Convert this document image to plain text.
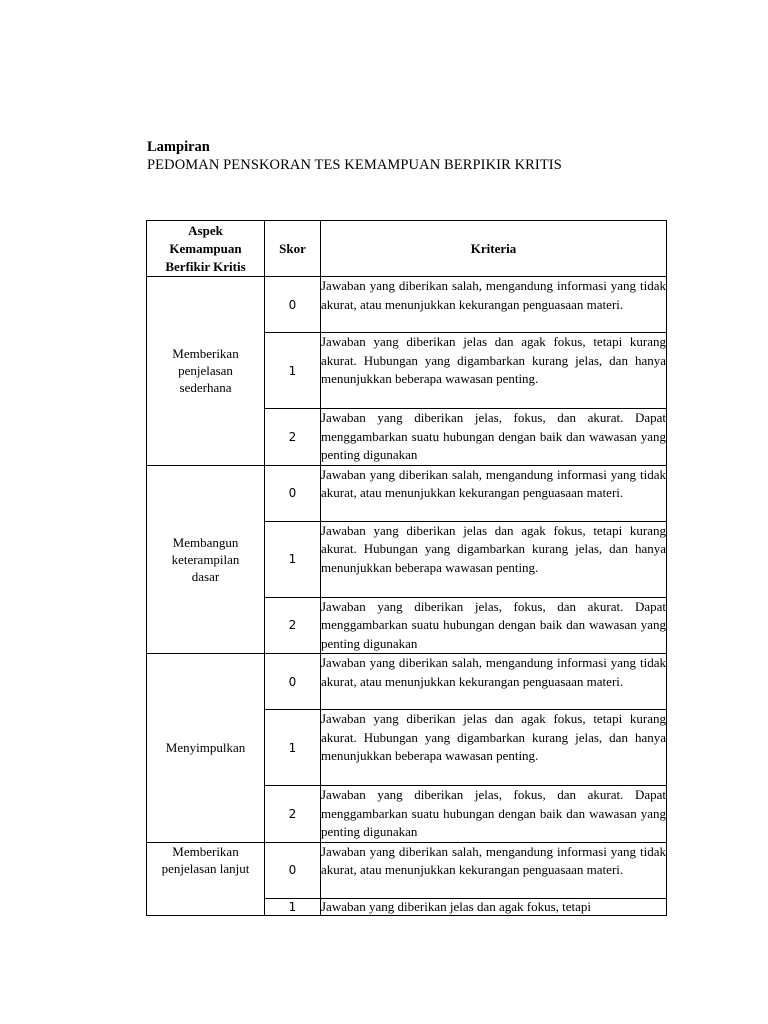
Lampiran
PEDOMAN PENSKORAN TES KEMAMPUAN BERPIKIR KRITIS
Aspek
Kemampuan
Berfikir Kritis	Skor	Kriteria

Memberikan
penjelasan
sederhana	0	Jawaban yang diberikan salah, mengandung informasi yang tidak akurat, atau menunjukkan kekurangan penguasaan materi.
	1	Jawaban yang diberikan jelas dan agak fokus, tetapi kurang akurat. Hubungan yang digambarkan kurang jelas, dan hanya menunjukkan beberapa wawasan penting.
	2	Jawaban yang diberikan jelas, fokus, dan akurat. Dapat menggambarkan suatu hubungan dengan baik dan wawasan yang penting digunakan

Membangun
keterampilan
dasar	0	Jawaban yang diberikan salah, mengandung informasi yang tidak akurat, atau menunjukkan kekurangan penguasaan materi.
	1	Jawaban yang diberikan jelas dan agak fokus, tetapi kurang akurat. Hubungan yang digambarkan kurang jelas, dan hanya menunjukkan beberapa wawasan penting.
	2	Jawaban yang diberikan jelas, fokus, dan akurat. Dapat menggambarkan suatu hubungan dengan baik dan wawasan yang penting digunakan

Menyimpulkan	0	Jawaban yang diberikan salah, mengandung informasi yang tidak akurat, atau menunjukkan kekurangan penguasaan materi.
	1	Jawaban yang diberikan jelas dan agak fokus, tetapi kurang akurat. Hubungan yang digambarkan kurang jelas, dan hanya menunjukkan beberapa wawasan penting.
	2	Jawaban yang diberikan jelas, fokus, dan akurat. Dapat menggambarkan suatu hubungan dengan baik dan wawasan yang penting digunakan

Memberikan
penjelasan lanjut	0	Jawaban yang diberikan salah, mengandung informasi yang tidak akurat, atau menunjukkan kekurangan penguasaan materi.
	1	Jawaban yang diberikan jelas dan agak fokus, tetapi
